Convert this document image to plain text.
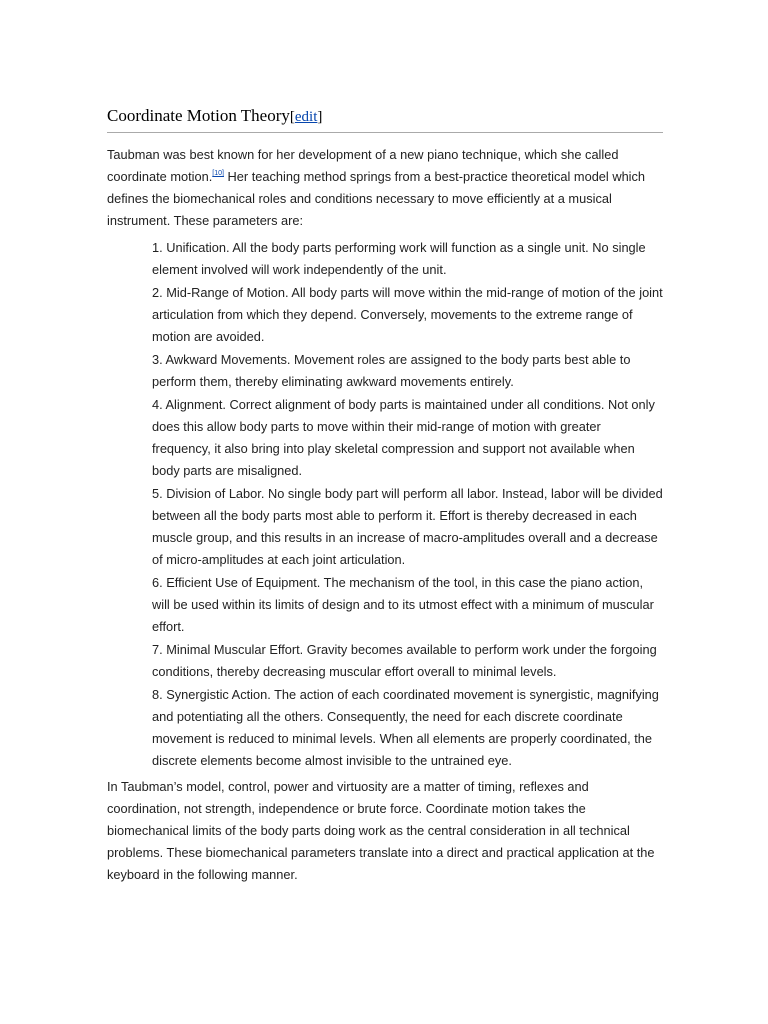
Coordinate Motion Theory[edit]

Taubman was best known for her development of a new piano technique, which she called coordinate motion.[10] Her teaching method springs from a best-practice theoretical model which defines the biomechanical roles and conditions necessary to move efficiently at a musical instrument. These parameters are:

1. Unification. All the body parts performing work will function as a single unit. No single element involved will work independently of the unit.
2. Mid-Range of Motion. All body parts will move within the mid-range of motion of the joint articulation from which they depend. Conversely, movements to the extreme range of motion are avoided.
3. Awkward Movements. Movement roles are assigned to the body parts best able to perform them, thereby eliminating awkward movements entirely.
4. Alignment. Correct alignment of body parts is maintained under all conditions. Not only does this allow body parts to move within their mid-range of motion with greater frequency, it also bring into play skeletal compression and support not available when body parts are misaligned.
5. Division of Labor. No single body part will perform all labor. Instead, labor will be divided between all the body parts most able to perform it. Effort is thereby decreased in each muscle group, and this results in an increase of macro-amplitudes overall and a decrease of micro-amplitudes at each joint articulation.
6. Efficient Use of Equipment. The mechanism of the tool, in this case the piano action, will be used within its limits of design and to its utmost effect with a minimum of muscular effort.
7. Minimal Muscular Effort. Gravity becomes available to perform work under the forgoing conditions, thereby decreasing muscular effort overall to minimal levels.
8. Synergistic Action. The action of each coordinated movement is synergistic, magnifying and potentiating all the others. Consequently, the need for each discrete coordinate movement is reduced to minimal levels. When all elements are properly coordinated, the discrete elements become almost invisible to the untrained eye.

In Taubman’s model, control, power and virtuosity are a matter of timing, reflexes and coordination, not strength, independence or brute force. Coordinate motion takes the biomechanical limits of the body parts doing work as the central consideration in all technical problems. These biomechanical parameters translate into a direct and practical application at the keyboard in the following manner.
